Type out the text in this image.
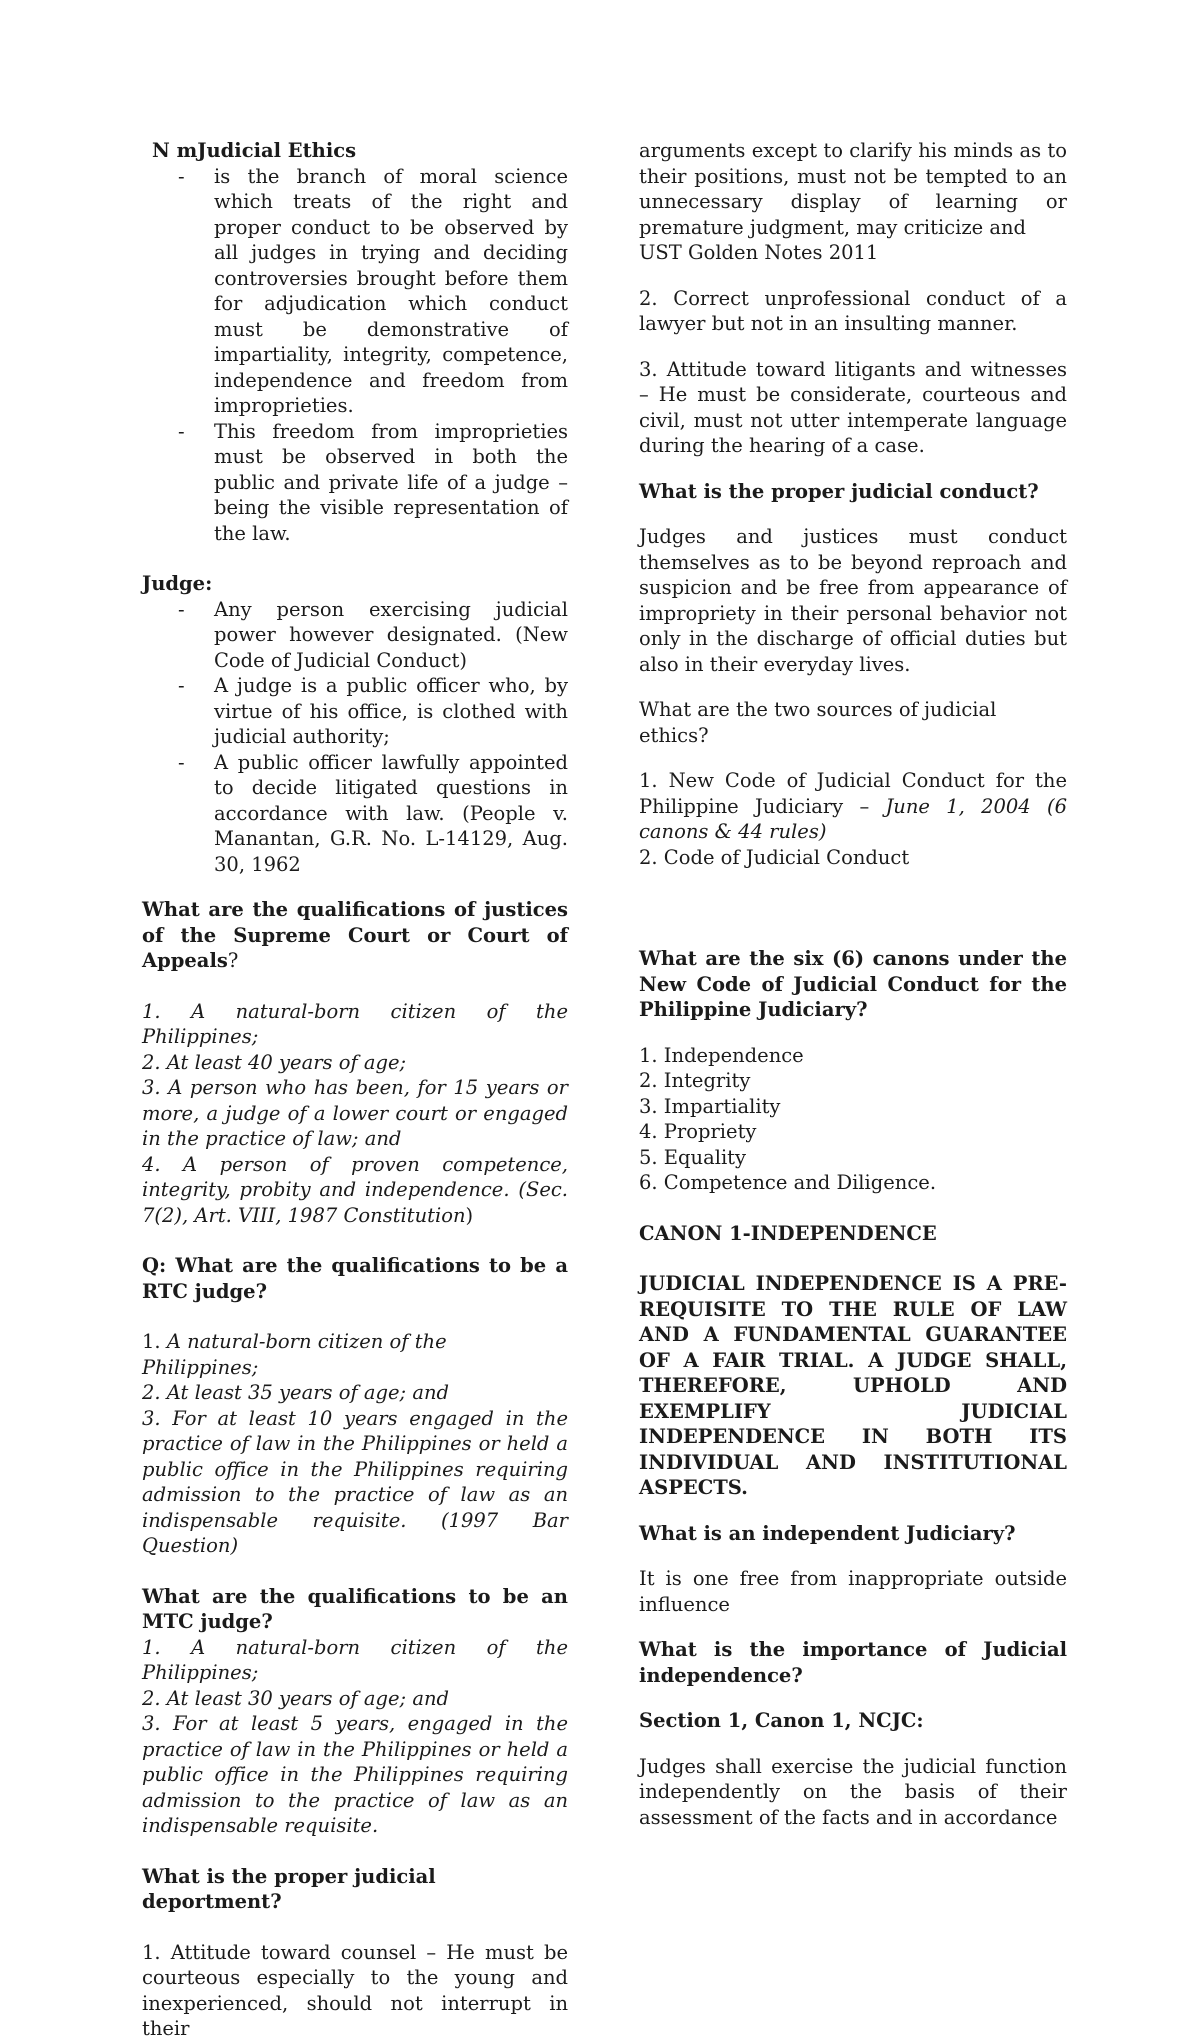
N mJudicial Ethics

- is the branch of moral science which treats of the right and proper conduct to be observed by all judges in trying and deciding controversies brought before them for adjudication which conduct must be demonstrative of impartiality, integrity, competence, independence and freedom from improprieties.
- This freedom from improprieties must be observed in both the public and private life of a judge – being the visible representation of the law.

Judge:

- Any person exercising judicial power however designated. (New Code of Judicial Conduct)
- A judge is a public officer who, by virtue of his office, is clothed with judicial authority;
- A public officer lawfully appointed to decide litigated questions in accordance with law. (People v. Manantan, G.R. No. L-14129, Aug. 30, 1962

What are the qualifications of justices of the Supreme Court or Court of Appeals?

1. A natural-born citizen of the Philippines;

2. At least 40 years of age;

3. A person who has been, for 15 years or more, a judge of a lower court or engaged in the practice of law; and

4. A person of proven competence, integrity, probity and independence. (Sec. 7(2), Art. VIII, 1987 Constitution)

Q: What are the qualifications to be a RTC judge?

1. A natural-born citizen of the Philippines;

2. At least 35 years of age; and

3. For at least 10 years engaged in the practice of law in the Philippines or held a public office in the Philippines requiring admission to the practice of law as an indispensable requisite. (1997 Bar Question)

What are the qualifications to be an MTC judge?

1. A natural-born citizen of the Philippines;

2. At least 30 years of age; and

3. For at least 5 years, engaged in the practice of law in the Philippines or held a public office in the Philippines requiring admission to the practice of law as an indispensable requisite.

What is the proper judicial deportment?

1. Attitude toward counsel – He must be courteous especially to the young and inexperienced, should not interrupt in their

arguments except to clarify his minds as to their positions, must not be tempted to an unnecessary display of learning or premature judgment, may criticize and

UST Golden Notes 2011

2. Correct unprofessional conduct of a lawyer but not in an insulting manner.

3. Attitude toward litigants and witnesses – He must be considerate, courteous and civil, must not utter intemperate language during the hearing of a case.

What is the proper judicial conduct?

Judges and justices must conduct themselves as to be beyond reproach and suspicion and be free from appearance of impropriety in their personal behavior not only in the discharge of official duties but also in their everyday lives.

What are the two sources of judicial ethics?

1. New Code of Judicial Conduct for the Philippine Judiciary – June 1, 2004 (6 canons & 44 rules)

2. Code of Judicial Conduct

What are the six (6) canons under the New Code of Judicial Conduct for the Philippine Judiciary?

1. Independence

2. Integrity

3. Impartiality

4. Propriety

5. Equality

6. Competence and Diligence.

CANON 1-INDEPENDENCE

JUDICIAL INDEPENDENCE IS A PRE-REQUISITE TO THE RULE OF LAW AND A FUNDAMENTAL GUARANTEE OF A FAIR TRIAL. A JUDGE SHALL, THEREFORE, UPHOLD AND EXEMPLIFY JUDICIAL INDEPENDENCE IN BOTH ITS INDIVIDUAL AND INSTITUTIONAL ASPECTS.

What is an independent Judiciary?

It is one free from inappropriate outside influence

What is the importance of Judicial independence?

Section 1, Canon 1, NCJC:

Judges shall exercise the judicial function independently on the basis of their assessment of the facts and in accordance
